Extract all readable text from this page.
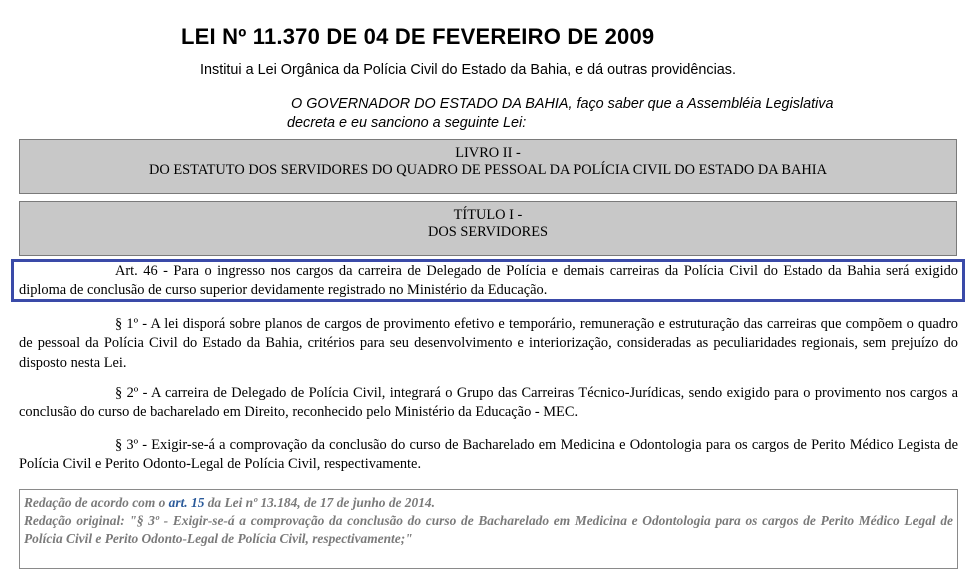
LEI Nº 11.370 DE 04 DE FEVEREIRO DE 2009
Institui a Lei Orgânica da Polícia Civil do Estado da Bahia, e dá outras providências.
O GOVERNADOR DO ESTADO DA BAHIA, faço saber que a Assembléia Legislativa
decreta e eu sanciono a seguinte Lei:
LIVRO II -
DO ESTATUTO DOS SERVIDORES DO QUADRO DE PESSOAL DA POLÍCIA CIVIL DO ESTADO DA BAHIA
TÍTULO I -
DOS SERVIDORES
Art. 46 - Para o ingresso nos cargos da carreira de Delegado de Polícia e demais carreiras da Polícia Civil do Estado da Bahia será exigido diploma de conclusão de curso superior devidamente registrado no Ministério da Educação.
§ 1º - A lei disporá sobre planos de cargos de provimento efetivo e temporário, remuneração e estruturação das carreiras que compõem o quadro de pessoal da Polícia Civil do Estado da Bahia, critérios para seu desenvolvimento e interiorização, consideradas as peculiaridades regionais, sem prejuízo do disposto nesta Lei.
§ 2º - A carreira de Delegado de Polícia Civil, integrará o Grupo das Carreiras Técnico-Jurídicas, sendo exigido para o provimento nos cargos a conclusão do curso de bacharelado em Direito, reconhecido pelo Ministério da Educação - MEC.
§ 3º - Exigir-se-á a comprovação da conclusão do curso de Bacharelado em Medicina e Odontologia para os cargos de Perito Médico Legista de Polícia Civil e Perito Odonto-Legal de Polícia Civil, respectivamente.
Redação de acordo com o art. 15 da Lei nº 13.184, de 17 de junho de 2014.
Redação original: "§ 3º - Exigir-se-á a comprovação da conclusão do curso de Bacharelado em Medicina e Odontologia para os cargos de Perito Médico Legal de Polícia Civil e Perito Odonto-Legal de Polícia Civil, respectivamente;"
